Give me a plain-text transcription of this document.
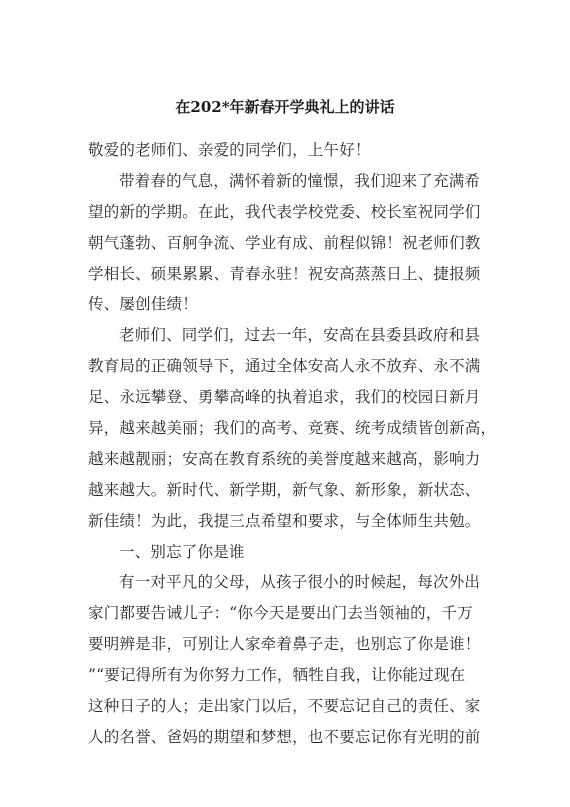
在202*年新春开学典礼上的讲话
敬爱的老师们、亲爱的同学们，上午好！
带着春的气息，满怀着新的憧憬，我们迎来了充满希
望的新的学期。在此，我代表学校党委、校长室祝同学们
朝气蓬勃、百舸争流、学业有成、前程似锦！祝老师们教
学相长、硕果累累、青春永驻！祝安高蒸蒸日上、捷报频
传、屡创佳绩！
老师们、同学们，过去一年，安高在县委县政府和县
教育局的正确领导下，通过全体安高人永不放弃、永不满
足、永远攀登、勇攀高峰的执着追求，我们的校园日新月
异，越来越美丽；我们的高考、竞赛、统考成绩皆创新高，
越来越靓丽；安高在教育系统的美誉度越来越高，影响力
越来越大。新时代、新学期，新气象、新形象，新状态、
新佳绩！为此，我提三点希望和要求，与全体师生共勉。
一、别忘了你是谁
有一对平凡的父母，从孩子很小的时候起，每次外出
家门都要告诫儿子：“你今天是要出门去当领袖的，千万
要明辨是非，可别让人家牵着鼻子走，也别忘了你是谁！
”“要记得所有为你努力工作，牺牲自我，让你能过现在
这种日子的人；走出家门以后，不要忘记自己的责任、家
人的名誉、爸妈的期望和梦想，也不要忘记你有光明的前
